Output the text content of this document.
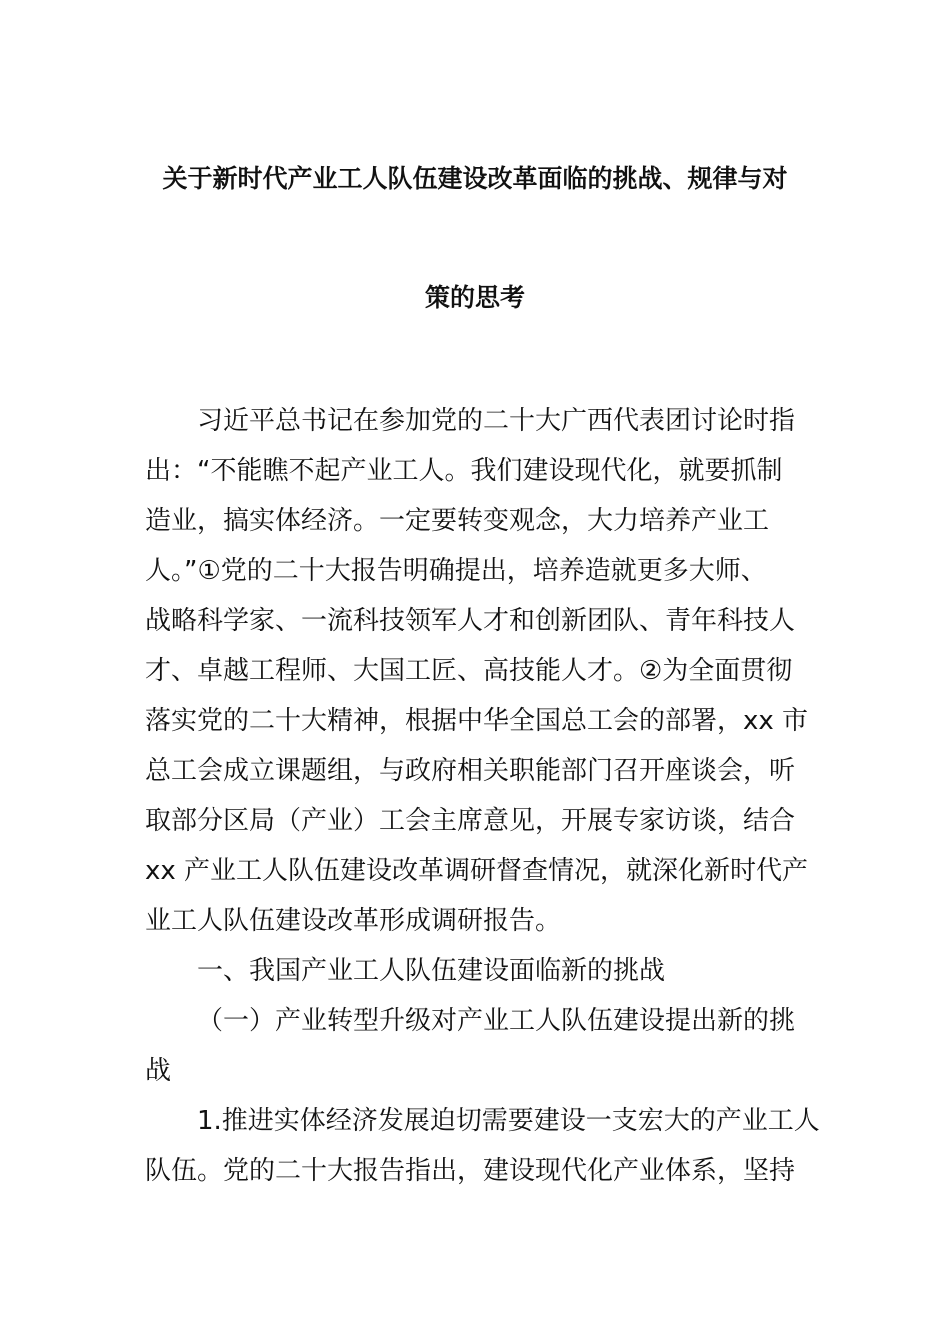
关于新时代产业工人队伍建设改革面临的挑战、规律与对
策的思考
习近平总书记在参加党的二十大广西代表团讨论时指
出：“不能瞧不起产业工人。我们建设现代化，就要抓制
造业，搞实体经济。一定要转变观念，大力培养产业工
人。”①党的二十大报告明确提出，培养造就更多大师、
战略科学家、一流科技领军人才和创新团队、青年科技人
才、卓越工程师、大国工匠、高技能人才。②为全面贯彻
落实党的二十大精神，根据中华全国总工会的部署，xx 市
总工会成立课题组，与政府相关职能部门召开座谈会，听
取部分区局（产业）工会主席意见，开展专家访谈，结合
xx 产业工人队伍建设改革调研督查情况，就深化新时代产
业工人队伍建设改革形成调研报告。
一、我国产业工人队伍建设面临新的挑战
（一）产业转型升级对产业工人队伍建设提出新的挑
战
1.推进实体经济发展迫切需要建设一支宏大的产业工人
队伍。党的二十大报告指出，建设现代化产业体系，坚持
